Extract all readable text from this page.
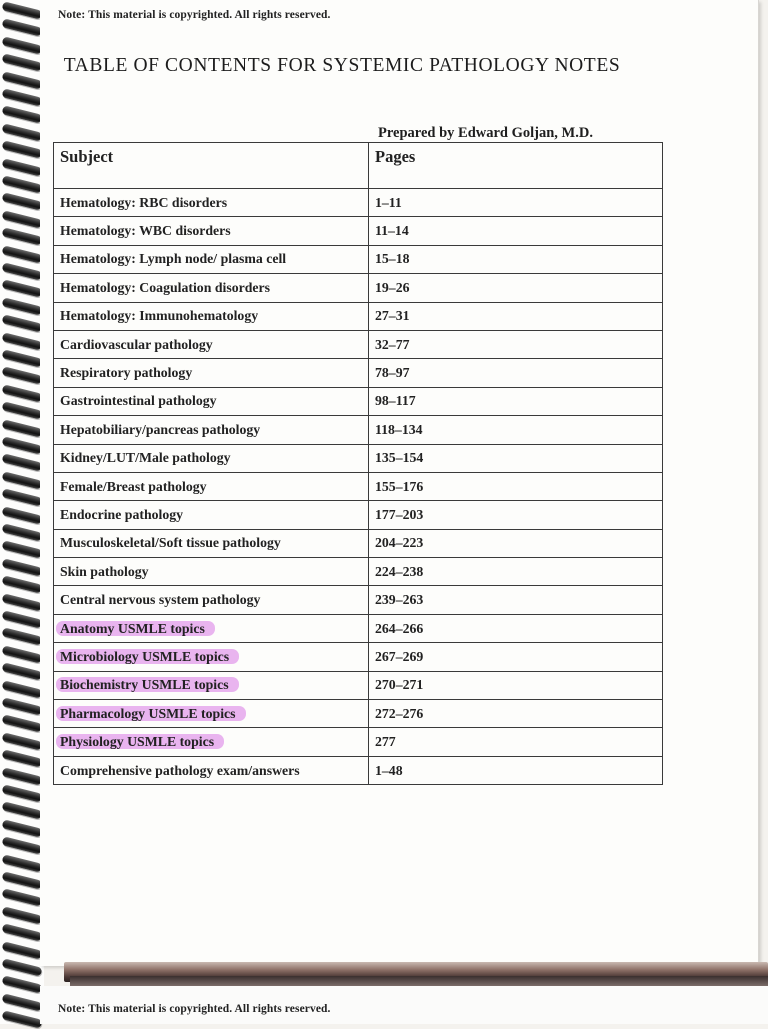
Note: This material is copyrighted. All rights reserved.
TABLE OF CONTENTS FOR SYSTEMIC PATHOLOGY NOTES
Prepared by Edward Goljan, M.D.
Subject	Pages
Hematology: RBC disorders	1–11
Hematology: WBC disorders	11–14
Hematology: Lymph node/ plasma cell	15–18
Hematology: Coagulation disorders	19–26
Hematology: Immunohematology	27–31
Cardiovascular pathology	32–77
Respiratory pathology	78–97
Gastrointestinal pathology	98–117
Hepatobiliary/pancreas pathology	118–134
Kidney/LUT/Male pathology	135–154
Female/Breast pathology	155–176
Endocrine pathology	177–203
Musculoskeletal/Soft tissue pathology	204–223
Skin pathology	224–238
Central nervous system pathology	239–263
Anatomy USMLE topics	264–266
Microbiology USMLE topics	267–269
Biochemistry USMLE topics	270–271
Pharmacology USMLE topics	272–276
Physiology USMLE topics	277
Comprehensive pathology exam/answers	1–48
Note: This material is copyrighted. All rights reserved.
